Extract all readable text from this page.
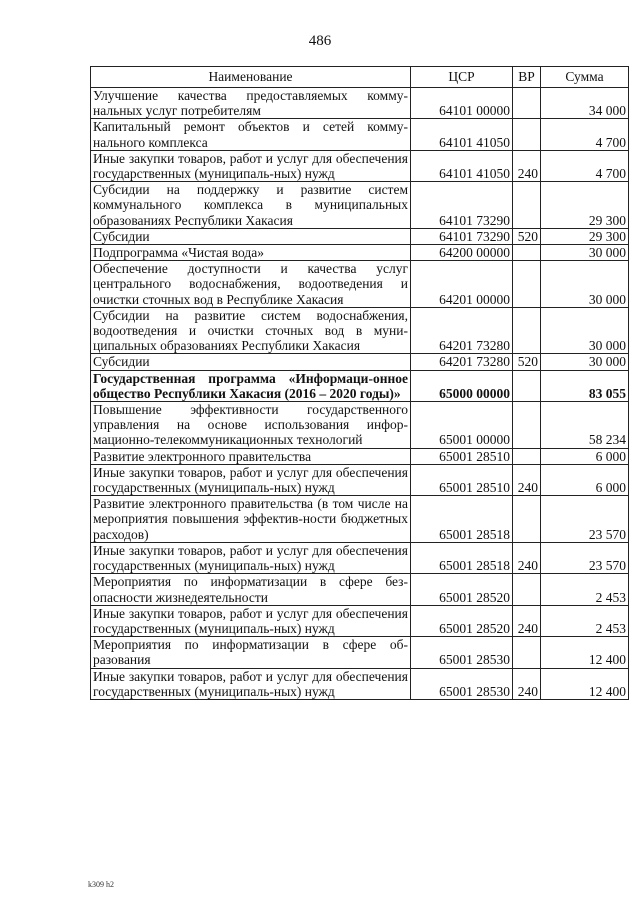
486
Наименование	ЦСР	ВР	Сумма
Улучшение качества предоставляемых комму-нальных услуг потребителям	64101 00000		34 000
Капитальный ремонт объектов и сетей комму-нального комплекса	64101 41050		4 700
Иные закупки товаров, работ и услуг для обеспечения государственных (муниципаль-ных) нужд	64101 41050	240	4 700
Субсидии на поддержку и развитие систем коммунального комплекса в муниципальных образованиях Республики Хакасия	64101 73290		29 300
Субсидии	64101 73290	520	29 300
Подпрограмма «Чистая вода»	64200 00000		30 000
Обеспечение доступности и качества услуг центрального водоснабжения, водоотведения и очистки сточных вод в Республике Хакасия	64201 00000		30 000
Субсидии на развитие систем водоснабжения, водоотведения и очистки сточных вод в муни-ципальных образованиях Республики Хакасия	64201 73280		30 000
Субсидии	64201 73280	520	30 000
Государственная программа «Информаци-онное общество Республики Хакасия (2016 – 2020 годы)»	65000 00000		83 055
Повышение эффективности государственного управления на основе использования инфор-мационно-телекоммуникационных технологий	65001 00000		58 234
Развитие электронного правительства	65001 28510		6 000
Иные закупки товаров, работ и услуг для обеспечения государственных (муниципаль-ных) нужд	65001 28510	240	6 000
Развитие электронного правительства (в том числе на мероприятия повышения эффектив-ности бюджетных расходов)	65001 28518		23 570
Иные закупки товаров, работ и услуг для обеспечения государственных (муниципаль-ных) нужд	65001 28518	240	23 570
Мероприятия по информатизации в сфере без-опасности жизнедеятельности	65001 28520		2 453
Иные закупки товаров, работ и услуг для обеспечения государственных (муниципаль-ных) нужд	65001 28520	240	2 453
Мероприятия по информатизации в сфере об-разования	65001 28530		12 400
Иные закупки товаров, работ и услуг для обеспечения государственных (муниципаль-ных) нужд	65001 28530	240	12 400
k309 h2
